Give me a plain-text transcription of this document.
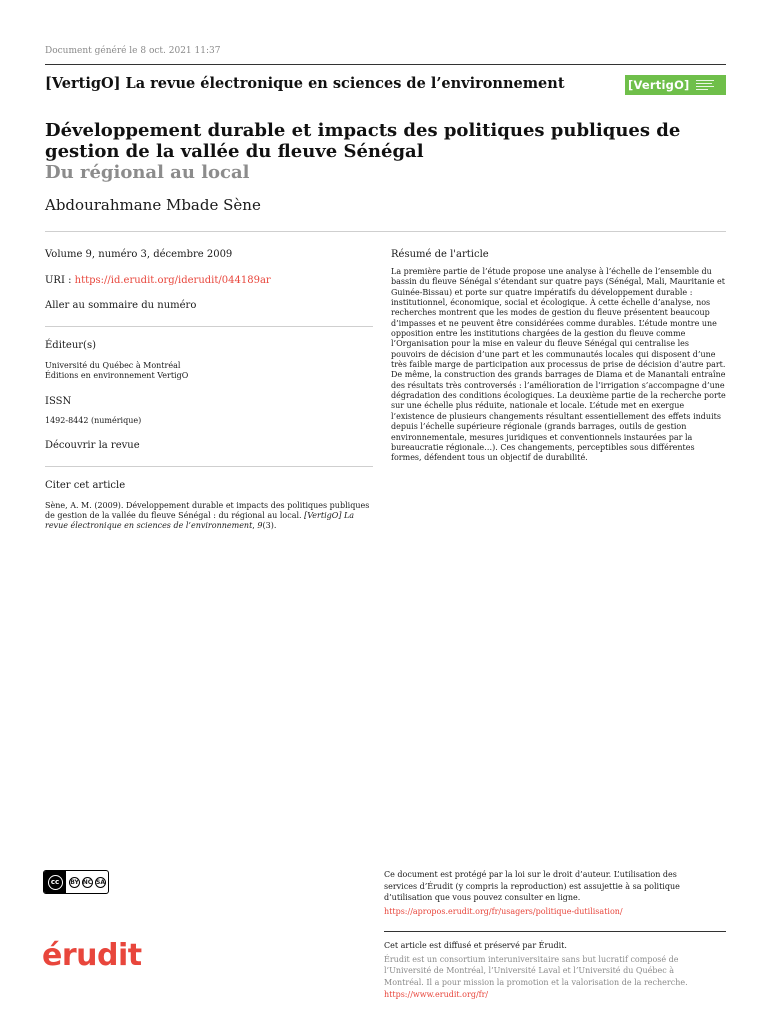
Document généré le 8 oct. 2021 11:37
[VertigO] La revue électronique en sciences de l’environnement	[VertigO]
Développement durable et impacts des politiques publiques de gestion de la vallée du fleuve Sénégal
Du régional au local
Abdourahmane Mbade Sène
Volume 9, numéro 3, décembre 2009
URI : https://id.erudit.org/iderudit/044189ar
Aller au sommaire du numéro
Éditeur(s)
Université du Québec à Montréal
Éditions en environnement VertigO
ISSN
1492-8442 (numérique)
Découvrir la revue
Citer cet article
Sène, A. M. (2009). Développement durable et impacts des politiques publiques de gestion de la vallée du fleuve Sénégal : du régional au local. [VertigO] La revue électronique en sciences de l’environnement, 9(3).
Résumé de l'article
La première partie de l’étude propose une analyse à l’échelle de l’ensemble du bassin du fleuve Sénégal s’étendant sur quatre pays (Sénégal, Mali, Mauritanie et Guinée-Bissau) et porte sur quatre impératifs du développement durable : institutionnel, économique, social et écologique. À cette échelle d’analyse, nos recherches montrent que les modes de gestion du fleuve présentent beaucoup d’impasses et ne peuvent être considérées comme durables. L’étude montre une opposition entre les institutions chargées de la gestion du fleuve comme l’Organisation pour la mise en valeur du fleuve Sénégal qui centralise les pouvoirs de décision d’une part et les communautés locales qui disposent d’une très faible marge de participation aux processus de prise de décision d’autre part. De même, la construction des grands barrages de Diama et de Manantali entraîne des résultats très controversés : l’amélioration de l’irrigation s’accompagne d’une dégradation des conditions écologiques. La deuxième partie de la recherche porte sur une échelle plus réduite, nationale et locale. L’étude met en exergue l’existence de plusieurs changements résultant essentiellement des effets induits depuis l’échelle supérieure régionale (grands barrages, outils de gestion environnementale, mesures juridiques et conventionnels instaurées par la bureaucratie régionale…). Ces changements, perceptibles sous différentes formes, défendent tous un objectif de durabilité.
cc	BY NC SA
Ce document est protégé par la loi sur le droit d’auteur. L’utilisation des services d’Érudit (y compris la reproduction) est assujettie à sa politique d’utilisation que vous pouvez consulter en ligne.
https://apropos.erudit.org/fr/usagers/politique-dutilisation/
érudit	Cet article est diffusé et préservé par Érudit.
Érudit est un consortium interuniversitaire sans but lucratif composé de l’Université de Montréal, l’Université Laval et l’Université du Québec à Montréal. Il a pour mission la promotion et la valorisation de la recherche.
https://www.erudit.org/fr/
